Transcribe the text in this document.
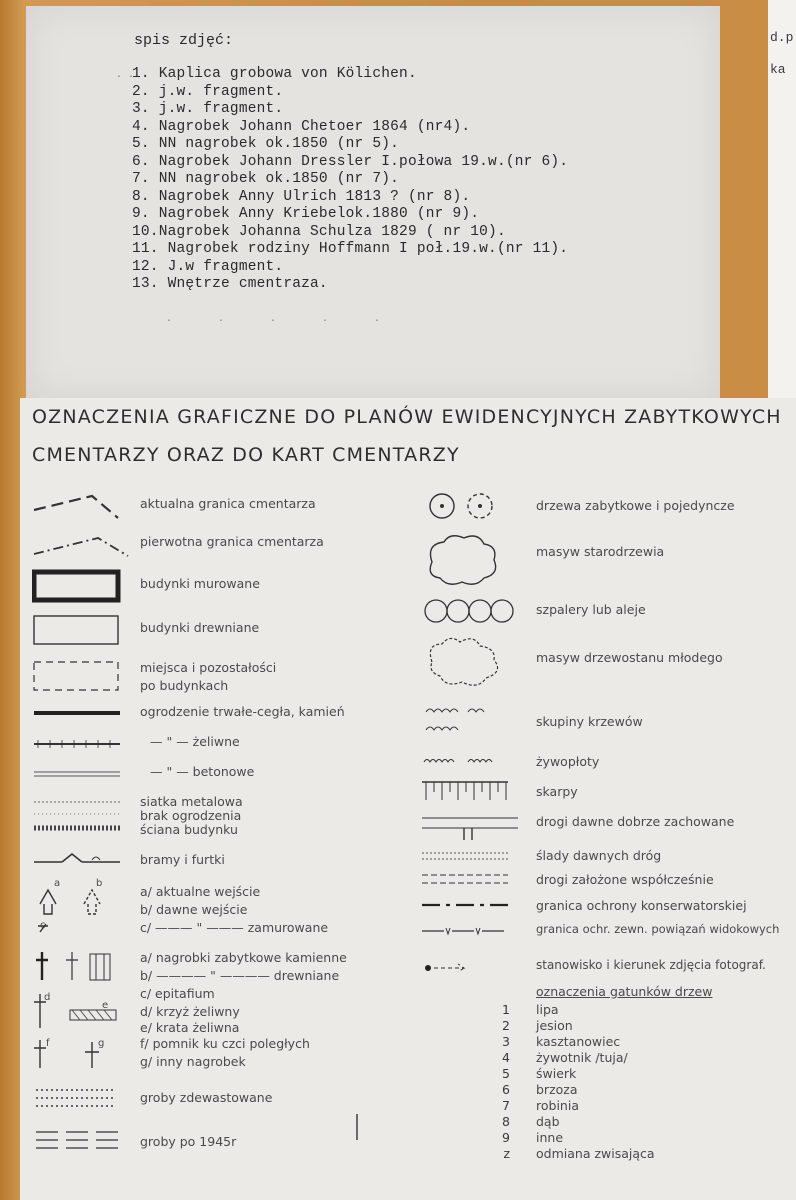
d.p
ka
spis zdjęć:
1. Kaplica grobowa von Kölichen.
2. j.w. fragment.
3. j.w. fragment.
4. Nagrobek Johann Chetoer 1864 (nr4).
5. NN nagrobek ok.1850 (nr 5).
6. Nagrobek Johann Dressler I.połowa 19.w.(nr 6).
7. NN nagrobek ok.1850 (nr 7).
8. Nagrobek Anny Ulrich 1813 ? (nr 8).
9. Nagrobek Anny Kriebelok.1880 (nr 9).
10.Nagrobek Johanna Schulza 1829 ( nr 10).
11. Nagrobek rodziny Hoffmann I poł.19.w.(nr 11).
12. J.w fragment.
13. Wnętrze cmentraza.
· ·
· · · · ·
OZNACZENIA GRAFICZNE DO PLANÓW EWIDENCYJNYCH ZABYTKOWYCH
CMENTARZY ORAZ DO KART CMENTARZY
a	b
c
d
e
f	g
aktualna granica cmentarza
pierwotna granica cmentarza
budynki murowane
budynki drewniane
miejsca i pozostałości
po budynkach
ogrodzenie trwałe-cegła, kamień
— " — żeliwne
— " — betonowe
siatka metalowa
brak ogrodzenia
ściana budynku
bramy i furtki
a/ aktualne wejście
b/ dawne wejście
c/ ——— " ——— zamurowane
a/ nagrobki zabytkowe kamienne
b/ ———— " ———— drewniane
c/ epitafium
d/ krzyż żeliwny
e/ krata żeliwna
f/ pomnik ku czci poległych
g/ inny nagrobek
groby zdewastowane
groby po 1945r
drzewa zabytkowe i pojedyncze
masyw starodrzewia
szpalery lub aleje
masyw drzewostanu młodego
skupiny krzewów
żywopłoty
skarpy
drogi dawne dobrze zachowane
ślady dawnych dróg
drogi założone współcześnie
granica ochrony konserwatorskiej
granica ochr. zewn. powiązań widokowych
stanowisko i kierunek zdjęcia fotograf.
oznaczenia gatunków drzew
1 lipa
2 jesion
3 kasztanowiec
4 żywotnik /tuja/
5 świerk
6 brzoza
7 robinia
8 dąb
9 inne
z odmiana zwisająca
